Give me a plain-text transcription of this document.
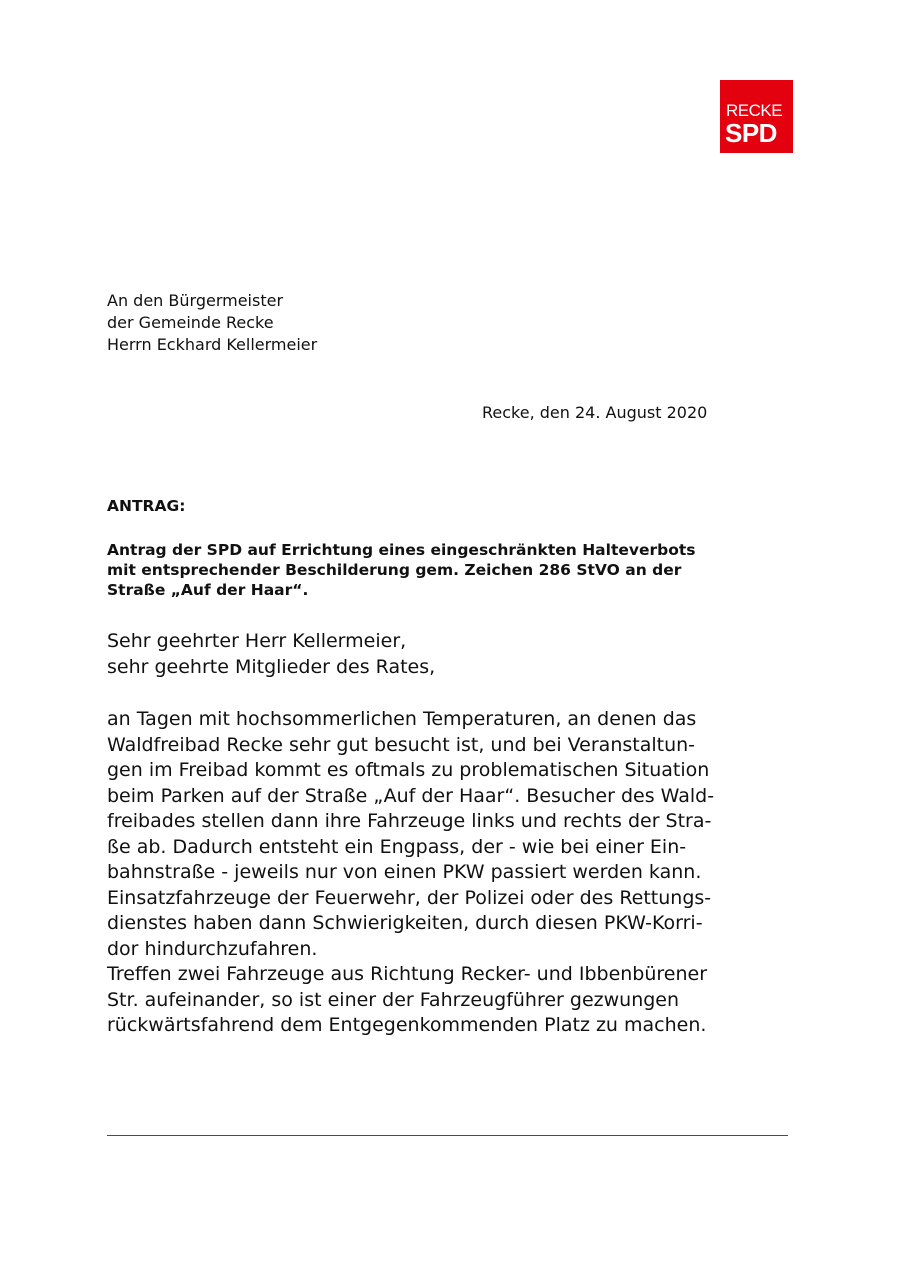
RECKE
SPD
An den Bürgermeister
der Gemeinde Recke
Herrn Eckhard Kellermeier
Recke, den 24. August 2020
ANTRAG:
Antrag der SPD auf Errichtung eines eingeschränkten Halteverbots
mit entsprechender Beschilderung gem. Zeichen 286 StVO an der
Straße „Auf der Haar“.
Sehr geehrter Herr Kellermeier,
sehr geehrte Mitglieder des Rates,
an Tagen mit hochsommerlichen Temperaturen, an denen das
Waldfreibad Recke sehr gut besucht ist, und bei Veranstaltun-
gen im Freibad kommt es oftmals zu problematischen Situation
beim Parken auf der Straße „Auf der Haar“. Besucher des Wald-
freibades stellen dann ihre Fahrzeuge links und rechts der Stra-
ße ab. Dadurch entsteht ein Engpass, der - wie bei einer Ein-
bahnstraße - jeweils nur von einen PKW passiert werden kann.
Einsatzfahrzeuge der Feuerwehr, der Polizei oder des Rettungs-
dienstes haben dann Schwierigkeiten, durch diesen PKW-Korri-
dor hindurchzufahren.
Treffen zwei Fahrzeuge aus Richtung Recker- und Ibbenbürener
Str. aufeinander, so ist einer der Fahrzeugführer gezwungen
rückwärtsfahrend dem Entgegenkommenden Platz zu machen.
